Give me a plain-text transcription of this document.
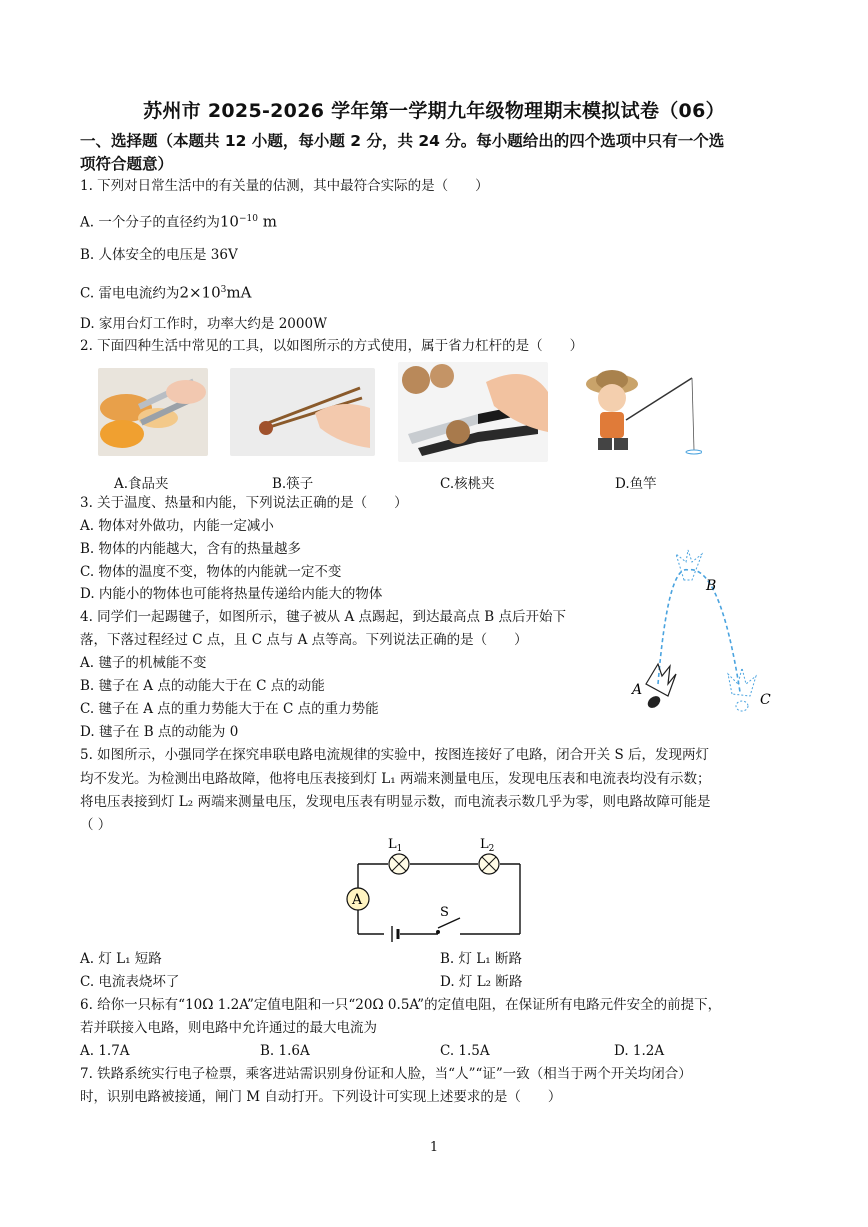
苏州市 2025-2026 学年第一学期九年级物理期末模拟试卷（06）
一、选择题（本题共 12 小题，每小题 2 分，共 24 分。每小题给出的四个选项中只有一个选
项符合题意）
1. 下列对日常生活中的有关量的估测，其中最符合实际的是（　　）
A. 一个分子的直径约为$10^{-10}$ m
B. 人体安全的电压是 36V
C. 雷电电流约为$2\times 10^3mA$
D. 家用台灯工作时，功率大约是 2000W
2. 下面四种生活中常见的工具，以如图所示的方式使用，属于省力杠杆的是（　　）
A.食品夹	B.筷子	C.核桃夹	D.鱼竿
3. 关于温度、热量和内能，下列说法正确的是（　　）
A. 物体对外做功，内能一定减小
B. 物体的内能越大，含有的热量越多
C. 物体的温度不变，物体的内能就一定不变
D. 内能小的物体也可能将热量传递给内能大的物体
4. 同学们一起踢毽子，如图所示，毽子被从 A 点踢起，到达最高点 B 点后开始下
落，下落过程经过 C 点，且 C 点与 A 点等高。下列说法正确的是（　　）
A. 毽子的机械能不变
B. 毽子在 A 点的动能大于在 C 点的动能
C. 毽子在 A 点的重力势能大于在 C 点的重力势能
D. 毽子在 B 点的动能为 0
B
A
C
5. 如图所示，小强同学在探究串联电路电流规律的实验中，按图连接好了电路，闭合开关 S 后，发现两灯
均不发光。为检测出电路故障，他将电压表接到灯 L₁ 两端来测量电压，发现电压表和电流表均没有示数；
将电压表接到灯 L₂ 两端来测量电压，发现电压表有明显示数，而电流表示数几乎为零，则电路故障可能是
（ ）
A
$L_1$	$L_2$
S
A. 灯 L₁ 短路	B. 灯 L₁ 断路
C. 电流表烧坏了	D. 灯 L₂ 断路
6. 给你一只标有“10Ω 1.2A”定值电阻和一只“20Ω 0.5A”的定值电阻，在保证所有电路元件安全的前提下，
若并联接入电路，则电路中允许通过的最大电流为
A. 1.7A	B. 1.6A	C. 1.5A	D. 1.2A
7. 铁路系统实行电子检票，乘客进站需识别身份证和人脸，当“人”“证”一致（相当于两个开关均闭合）
时，识别电路被接通，闸门 M 自动打开。下列设计可实现上述要求的是（　　）
1
